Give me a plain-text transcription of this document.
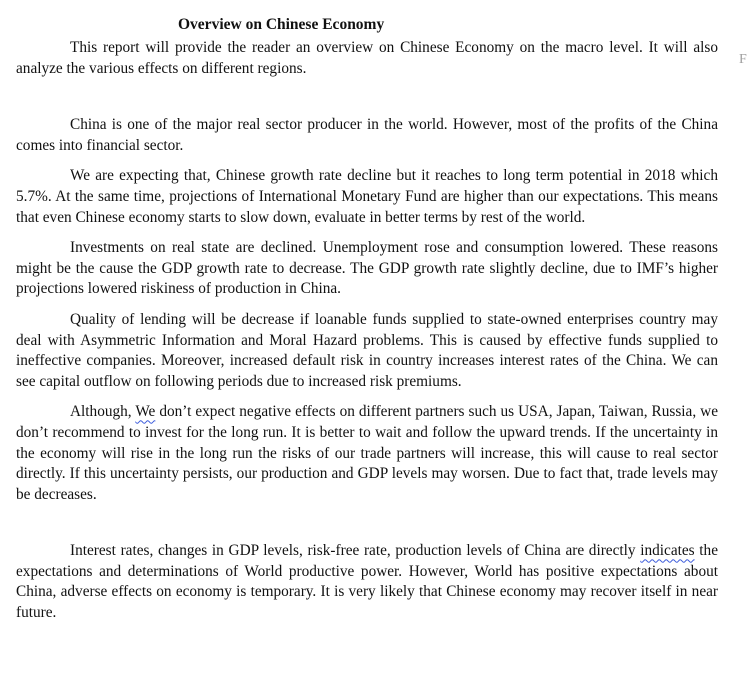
Overview on Chinese Economy

This report will provide the reader an overview on Chinese Economy on the macro level. It will also analyze the various effects on different regions.

China is one of the major real sector producer in the world. However, most of the profits of the China comes into financial sector.

We are expecting that, Chinese growth rate decline but it reaches to long term potential in 2018 which 5.7%. At the same time, projections of International Monetary Fund are higher than our expectations. This means that even Chinese economy starts to slow down, evaluate in better terms by rest of the world.

Investments on real state are declined. Unemployment rose and consumption lowered. These reasons might be the cause the GDP growth rate to decrease. The GDP growth rate slightly decline, due to IMF’s higher projections lowered riskiness of production in China.

Quality of lending will be decrease if loanable funds supplied to state-owned enterprises country may deal with Asymmetric Information and Moral Hazard problems. This is caused by effective funds supplied to ineffective companies. Moreover, increased default risk in country increases interest rates of the China. We can see capital outflow on following periods due to increased risk premiums.

Although, We don’t expect negative effects on different partners such us USA, Japan, Taiwan, Russia, we don’t recommend to invest for the long run. It is better to wait and follow the upward trends. If the uncertainty in the economy will rise in the long run the risks of our trade partners will increase, this will cause to real sector directly. If this uncertainty persists, our production and GDP levels may worsen. Due to fact that, trade levels may be decreases.

Interest rates, changes in GDP levels, risk-free rate, production levels of China are directly indicates the expectations and determinations of World productive power. However, World has positive expectations about China, adverse effects on economy is temporary. It is very likely that Chinese economy may recover itself in near future.

F
